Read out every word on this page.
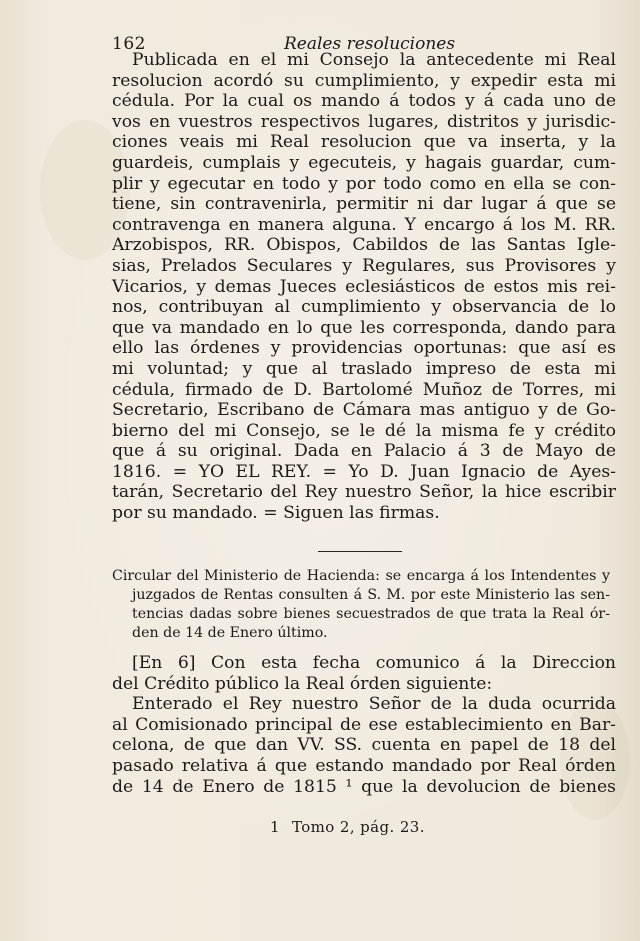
162	Reales resoluciones
Publicada en el mi Consejo la antecedente mi Real
resolucion acordó su cumplimiento, y expedir esta mi
cédula. Por la cual os mando á todos y á cada uno de
vos en vuestros respectivos lugares, distritos y jurisdic-
ciones veais mi Real resolucion que va inserta, y la
guardeis, cumplais y egecuteis, y hagais guardar, cum-
plir y egecutar en todo y por todo como en ella se con-
tiene, sin contravenirla, permitir ni dar lugar á que se
contravenga en manera alguna. Y encargo á los M. RR.
Arzobispos, RR. Obispos, Cabildos de las Santas Igle-
sias, Prelados Seculares y Regulares, sus Provisores y
Vicarios, y demas Jueces eclesiásticos de estos mis rei-
nos, contribuyan al cumplimiento y observancia de lo
que va mandado en lo que les corresponda, dando para
ello las órdenes y providencias oportunas: que así es
mi voluntad; y que al traslado impreso de esta mi
cédula, firmado de D. Bartolomé Muñoz de Torres, mi
Secretario, Escribano de Cámara mas antiguo y de Go-
bierno del mi Consejo, se le dé la misma fe y crédito
que á su original. Dada en Palacio á 3 de Mayo de
1816. = YO EL REY. = Yo D. Juan Ignacio de Ayes-
tarán, Secretario del Rey nuestro Señor, la hice escribir
por su mandado. = Siguen las firmas.
Circular del Ministerio de Hacienda: se encarga á los Intendentes y
juzgados de Rentas consulten á S. M. por este Ministerio las sen-
tencias dadas sobre bienes secuestrados de que trata la Real ór-
den de 14 de Enero último.
[En 6] Con esta fecha comunico á la Direccion
del Crédito público la Real órden siguiente:
Enterado el Rey nuestro Señor de la duda ocurrida
al Comisionado principal de ese establecimiento en Bar-
celona, de que dan VV. SS. cuenta en papel de 18 del
pasado relativa á que estando mandado por Real órden
de 14 de Enero de 1815 ¹ que la devolucion de bienes
1 Tomo 2, pág. 23.
